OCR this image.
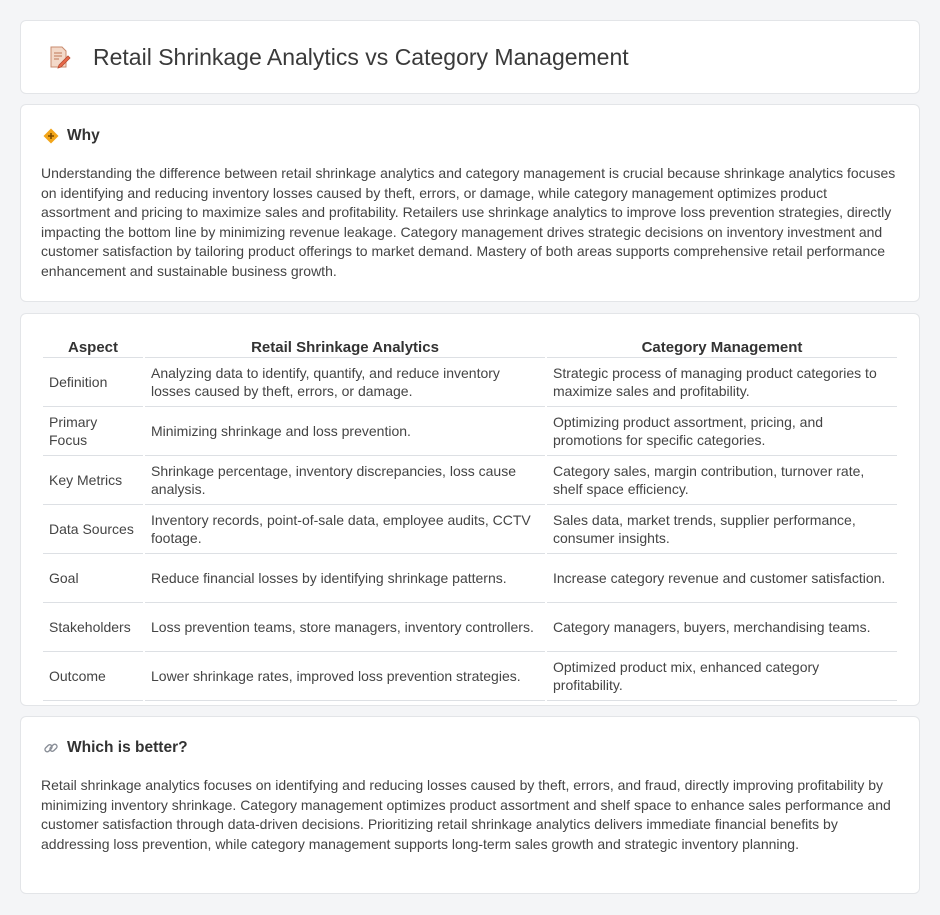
Retail Shrinkage Analytics vs Category Management
Why

Understanding the difference between retail shrinkage analytics and category management is crucial because shrinkage analytics focuses on identifying and reducing inventory losses caused by theft, errors, or damage, while category management optimizes product assortment and pricing to maximize sales and profitability. Retailers use shrinkage analytics to improve loss prevention strategies, directly impacting the bottom line by minimizing revenue leakage. Category management drives strategic decisions on inventory investment and customer satisfaction by tailoring product offerings to market demand. Mastery of both areas supports comprehensive retail performance enhancement and sustainable business growth.

Aspect	Retail Shrinkage Analytics	Category Management
Definition	Analyzing data to identify, quantify, and reduce inventory losses caused by theft, errors, or damage.	Strategic process of managing product categories to maximize sales and profitability.
Primary Focus	Minimizing shrinkage and loss prevention.	Optimizing product assortment, pricing, and promotions for specific categories.
Key Metrics	Shrinkage percentage, inventory discrepancies, loss cause analysis.	Category sales, margin contribution, turnover rate, shelf space efficiency.
Data Sources	Inventory records, point-of-sale data, employee audits, CCTV footage.	Sales data, market trends, supplier performance, consumer insights.
Goal	Reduce financial losses by identifying shrinkage patterns.	Increase category revenue and customer satisfaction.
Stakeholders	Loss prevention teams, store managers, inventory controllers.	Category managers, buyers, merchandising teams.
Outcome	Lower shrinkage rates, improved loss prevention strategies.	Optimized product mix, enhanced category profitability.
Which is better?

Retail shrinkage analytics focuses on identifying and reducing losses caused by theft, errors, and fraud, directly improving profitability by minimizing inventory shrinkage. Category management optimizes product assortment and shelf space to enhance sales performance and customer satisfaction through data-driven decisions. Prioritizing retail shrinkage analytics delivers immediate financial benefits by addressing loss prevention, while category management supports long-term sales growth and strategic inventory planning.
